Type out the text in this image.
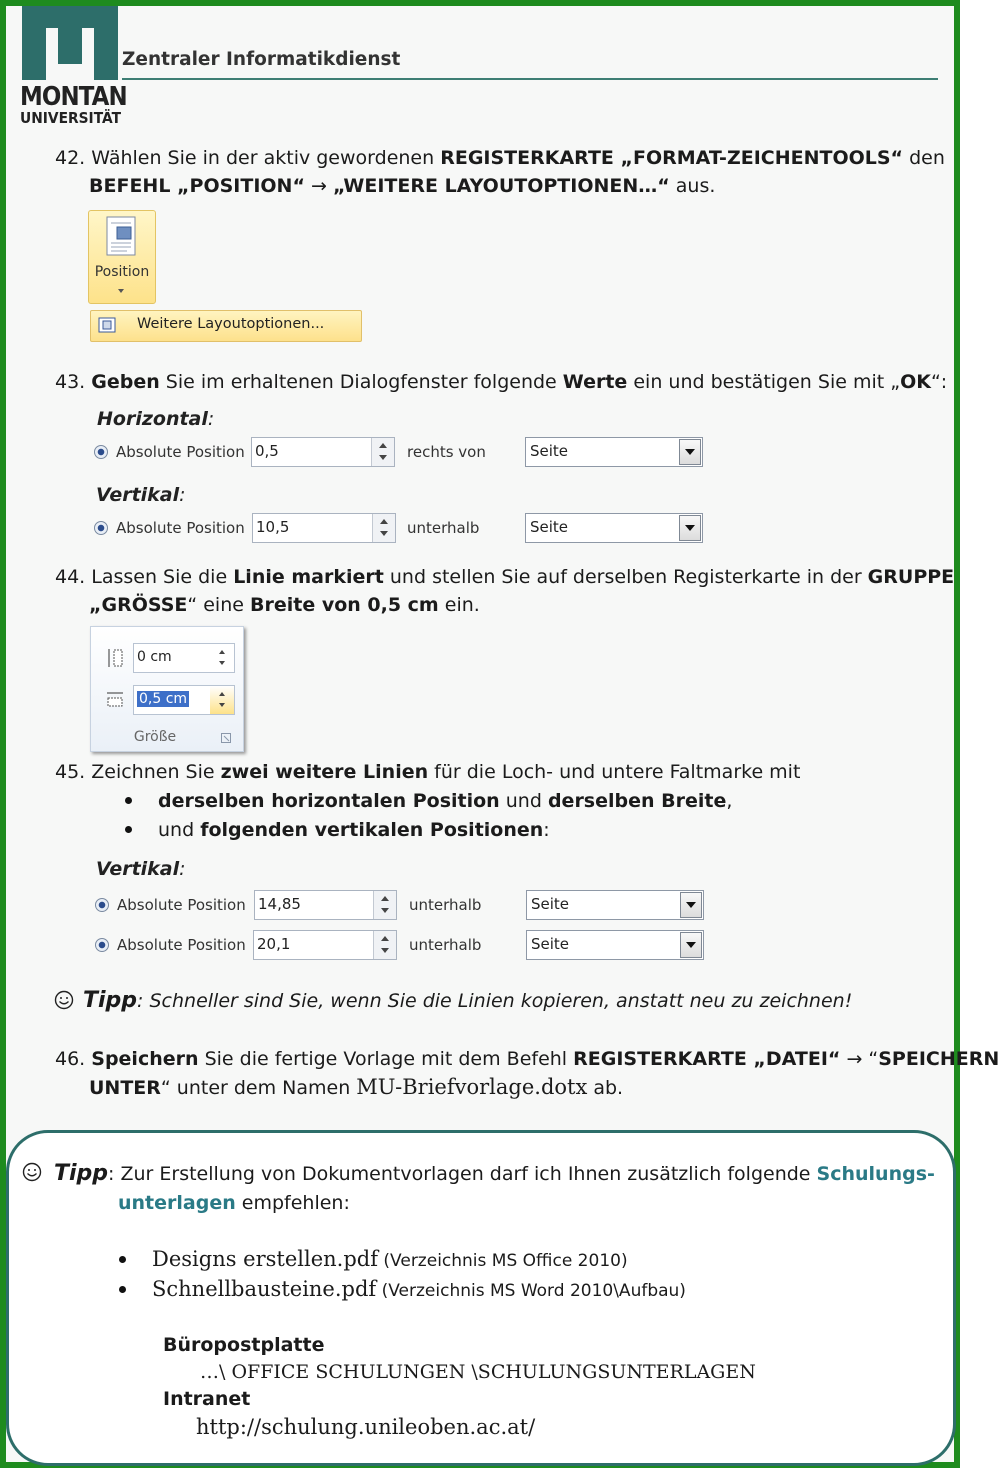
MONTAN
UNIVERSITÄT
Zentraler Informatikdienst
42. Wählen Sie in der aktiv gewordenen REGISTERKARTE „FORMAT-ZEICHENTOOLS“ den
BEFEHL „POSITION“ → „WEITERE LAYOUTOPTIONEN…“ aus.
Position
Weitere Layoutoptionen...
43. Geben Sie im erhaltenen Dialogfenster folgende Werte ein und bestätigen Sie mit „OK“:
Horizontal:
Absolute Position 0,5	rechts von	Seite
Vertikal:
Absolute Position 10,5	unterhalb	Seite
44. Lassen Sie die Linie markiert und stellen Sie auf derselben Registerkarte in der GRUPPE
„GRÖSSE“ eine Breite von 0,5 cm ein.
0 cm
0,5 cm
Größe
45. Zeichnen Sie zwei weitere Linien für die Loch- und untere Faltmarke mit
derselben horizontalen Position und derselben Breite,
und folgenden vertikalen Positionen:
Vertikal:
Absolute Position 14,85	unterhalb	Seite
Absolute Position 20,1	unterhalb	Seite
Tipp: Schneller sind Sie, wenn Sie die Linien kopieren, anstatt neu zu zeichnen!
46. Speichern Sie die fertige Vorlage mit dem Befehl REGISTERKARTE „DATEI“ → “SPEICHERN
UNTER“ unter dem Namen MU-Briefvorlage.dotx ab.
Tipp: Zur Erstellung von Dokumentvorlagen darf ich Ihnen zusätzlich folgende Schulungs-
unterlagen empfehlen:
Designs erstellen.pdf (Verzeichnis MS Office 2010)
Schnellbausteine.pdf (Verzeichnis MS Word 2010\Aufbau)
Büropostplatte
…\ OFFICE SCHULUNGEN \SCHULUNGSUNTERLAGEN
Intranet
http://schulung.unileoben.ac.at/
